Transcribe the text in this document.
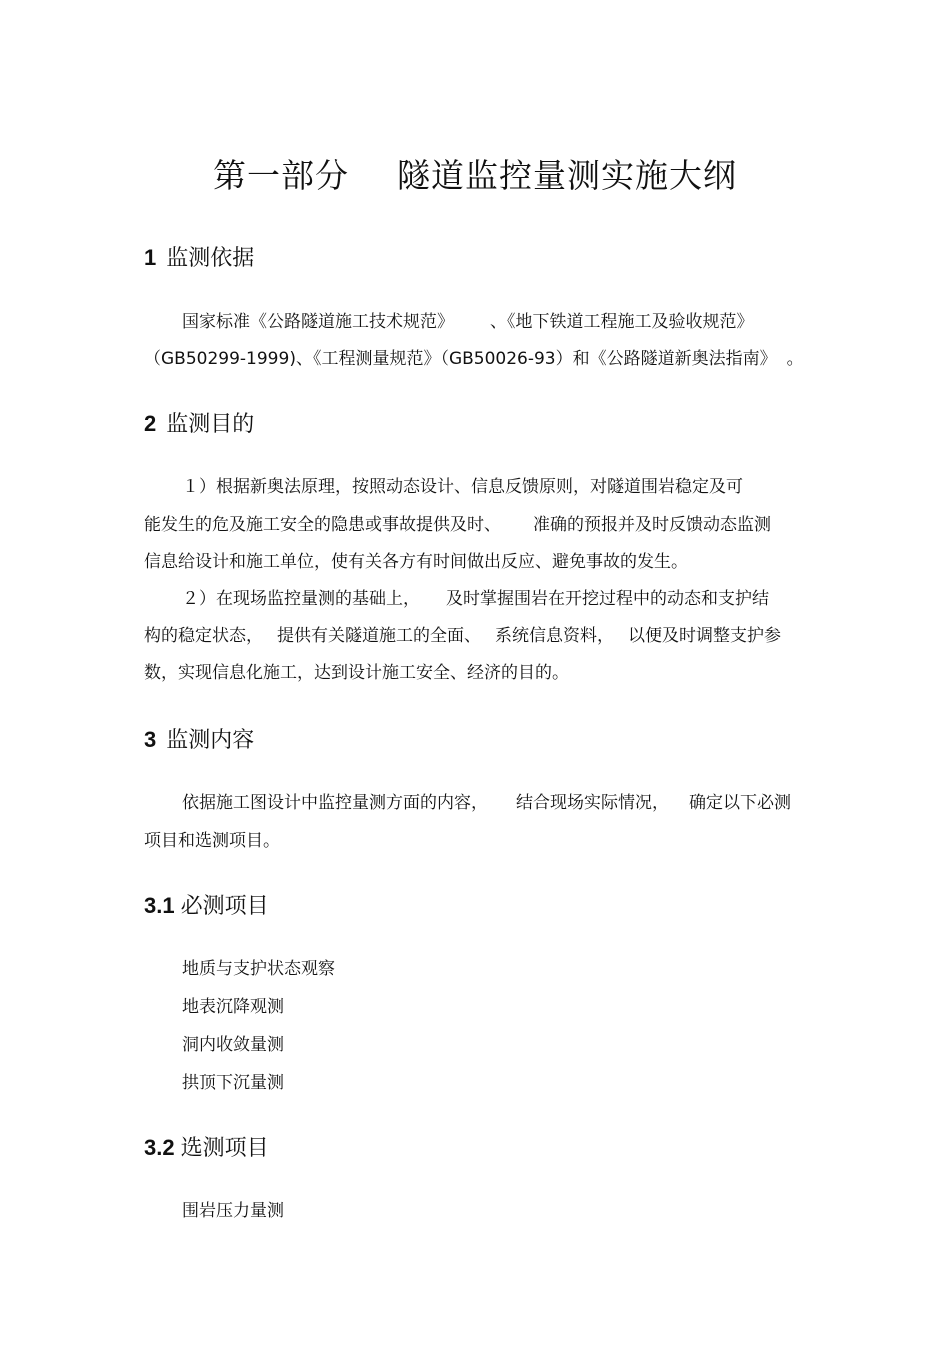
第一部分 隧道监控量测实施大纲
1 监测依据
国家标准《公路隧道施工技术规范》 、《地下铁道工程施工及验收规范》
（GB50299-1999)、《工程测量规范》（GB50026-93）和《公路隧道新奥法指南》 。
2 监测目的
１）根据新奥法原理，按照动态设计、信息反馈原则，对隧道围岩稳定及可
能发生的危及施工安全的隐患或事故提供及时、 准确的预报并及时反馈动态监测
信息给设计和施工单位，使有关各方有时间做出反应、避免事故的发生。
２）在现场监控量测的基础上， 及时掌握围岩在开挖过程中的动态和支护结
构的稳定状态， 提供有关隧道施工的全面、 系统信息资料， 以便及时调整支护参
数，实现信息化施工，达到设计施工安全、经济的目的。
3 监测内容
依据施工图设计中监控量测方面的内容， 结合现场实际情况， 确定以下必测
项目和选测项目。
3.1 必测项目
地质与支护状态观察
地表沉降观测
洞内收敛量测
拱顶下沉量测
3.2 选测项目
围岩压力量测
